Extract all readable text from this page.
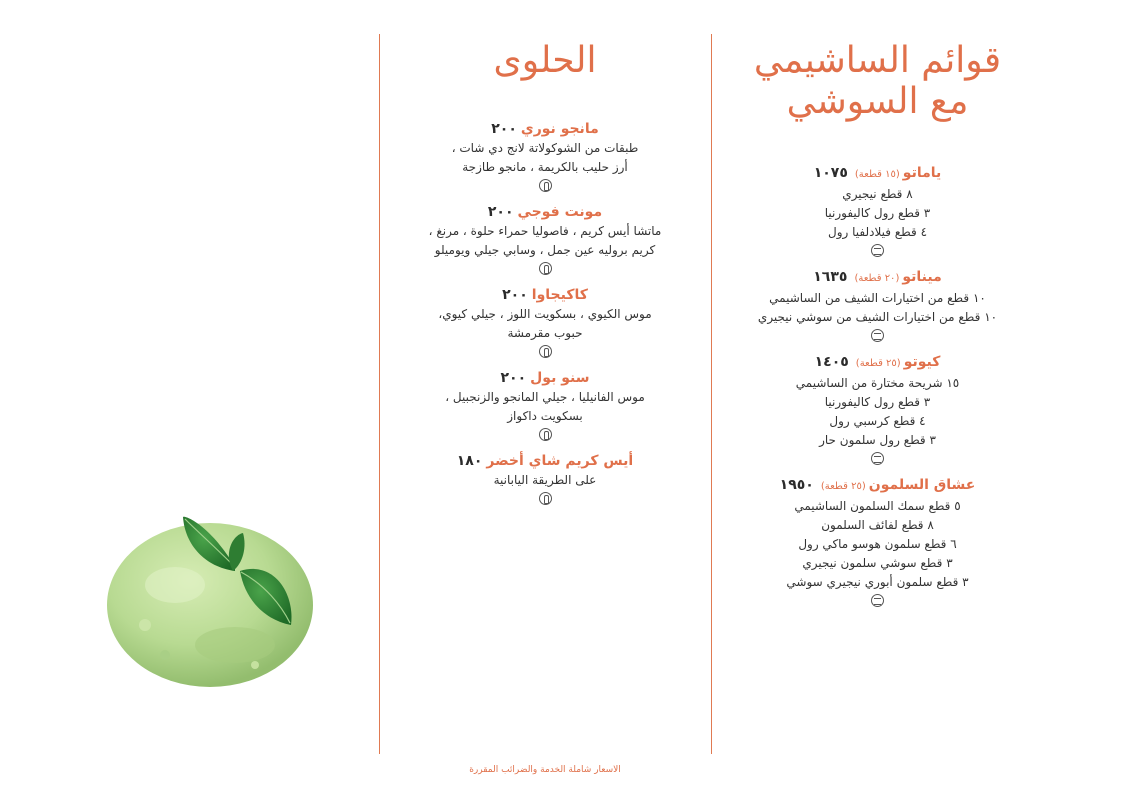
الحلوى
مانجو نوري٢٠٠
طبقات من الشوكولاتة لانج دي شات ،
أرز حليب بالكريمة ، مانجو طازجة
مونت فوجي٢٠٠
ماتشا أيس كريم ، فاصوليا حمراء حلوة ، مرنغ ،
كريم بروليه عين جمل ، وسابي جيلي ويوميلو
كاكيجاوا٢٠٠
موس الكيوي ، بسكويت اللوز ، جيلي كيوي،
حبوب مقرمشة
سنو بول٢٠٠
موس الفانيليا ، جيلي المانجو والزنجبيل ،
بسكويت داكواز
أيس كريم شاي أخضر١٨٠
على الطريقة اليابانية
قوائم الساشيمي
مع السوشي
ياماتو(١٥ قطعة)١٠٧٥
٨ قطع نيجيري
٣ قطع رول كاليفورنيا
٤ قطع فيلادلفيا رول
ميناتو(٢٠ قطعة)١٦٣٥
١٠ قطع من اختيارات الشيف من الساشيمي
١٠ قطع من اختيارات الشيف من سوشي نيجيري
كيوتو(٢٥ قطعة)١٤٠٥
١٥ شريحة مختارة من الساشيمي
٣ قطع رول كاليفورنيا
٤ قطع كرسبي رول
٣ قطع رول سلمون حار
عشاق السلمون(٢٥ قطعة)١٩٥٠
٥ قطع سمك السلمون الساشيمي
٨ قطع لفائف السلمون
٦ قطع سلمون هوسو ماكي رول
٣ قطع سوشي سلمون نيجيري
٣ قطع سلمون أبوري نيجيري سوشي
الاسعار شاملة الخدمة والضرائب المقررة
